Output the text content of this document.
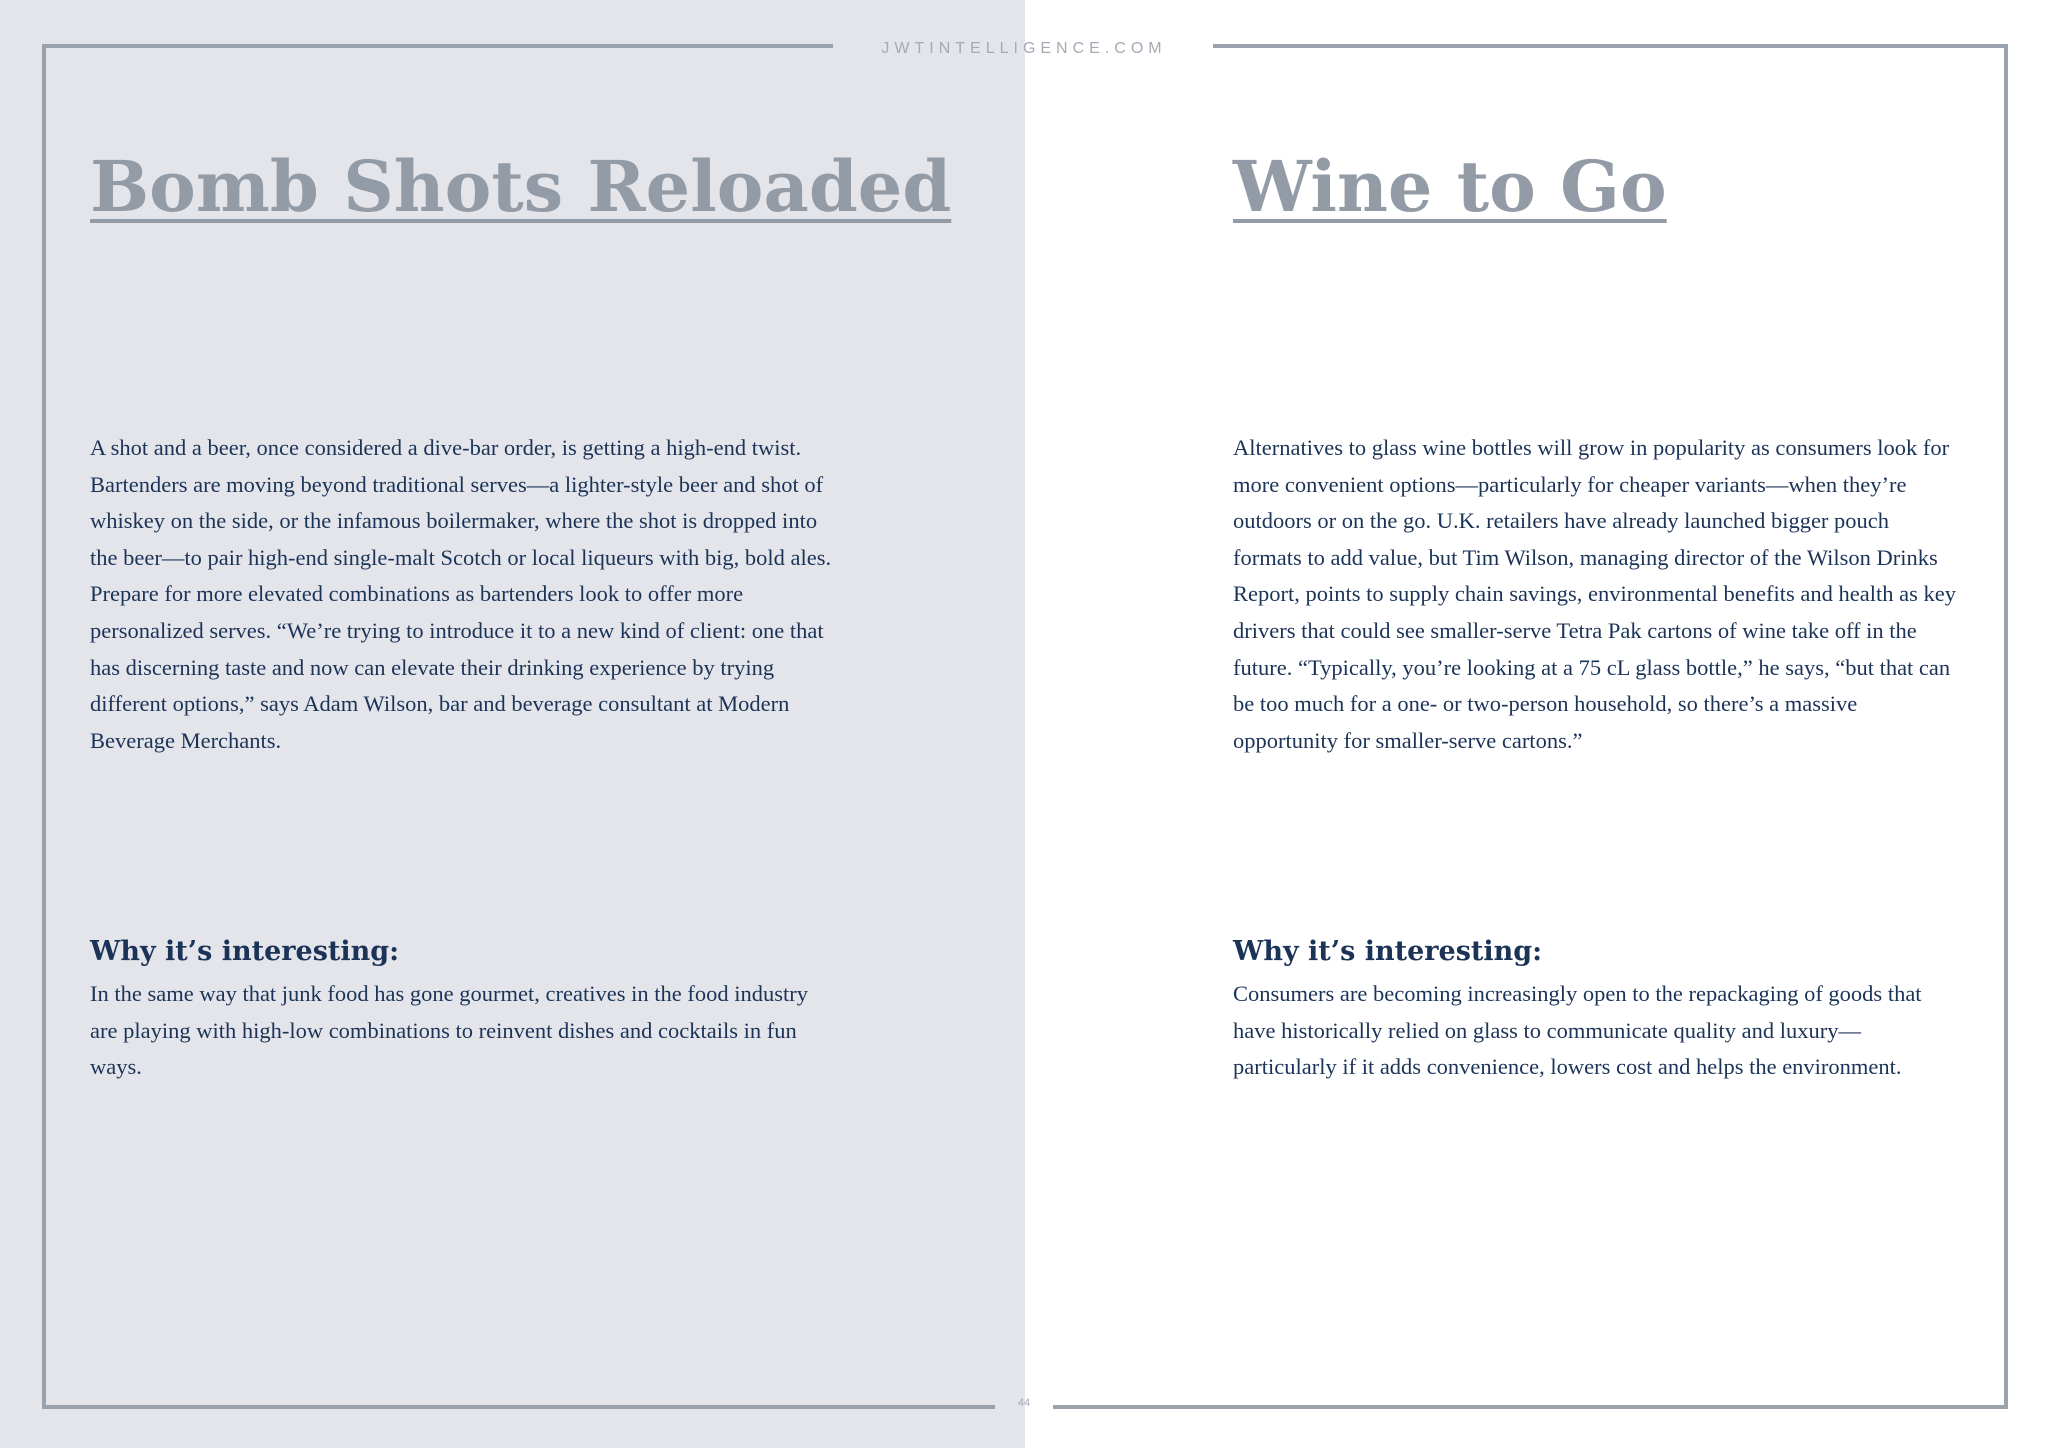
JWTINTELLIGENCE.COM
44
Bomb Shots Reloaded

A shot and a beer, once considered a dive-bar order, is getting a high-end twist. Bartenders are moving beyond traditional serves—a lighter-style beer and shot of whiskey on the side, or the infamous boilermaker, where the shot is dropped into the beer—to pair high-end single-malt Scotch or local liqueurs with big, bold ales. Prepare for more elevated combinations as bartenders look to offer more personalized serves. “We’re trying to introduce it to a new kind of client: one that has discerning taste and now can elevate their drinking experience by trying different options,” says Adam Wilson, bar and beverage consultant at Modern Beverage Merchants.

Why it’s interesting:

In the same way that junk food has gone gourmet, creatives in the food industry are playing with high-low combinations to reinvent dishes and cocktails in fun ways.

Wine to Go

Alternatives to glass wine bottles will grow in popularity as consumers look for more convenient options—particularly for cheaper variants—when they’re outdoors or on the go. U.K. retailers have already launched bigger pouch formats to add value, but Tim Wilson, managing director of the Wilson Drinks Report, points to supply chain savings, environmental benefits and health as key drivers that could see smaller-serve Tetra Pak cartons of wine take off in the future. “Typically, you’re looking at a 75 cL glass bottle,” he says, “but that can be too much for a one- or two-person household, so there’s a massive opportunity for smaller-serve cartons.”

Why it’s interesting:

Consumers are becoming increasingly open to the repackaging of goods that have historically relied on glass to communicate quality and luxury—particularly if it adds convenience, lowers cost and helps the environment.
